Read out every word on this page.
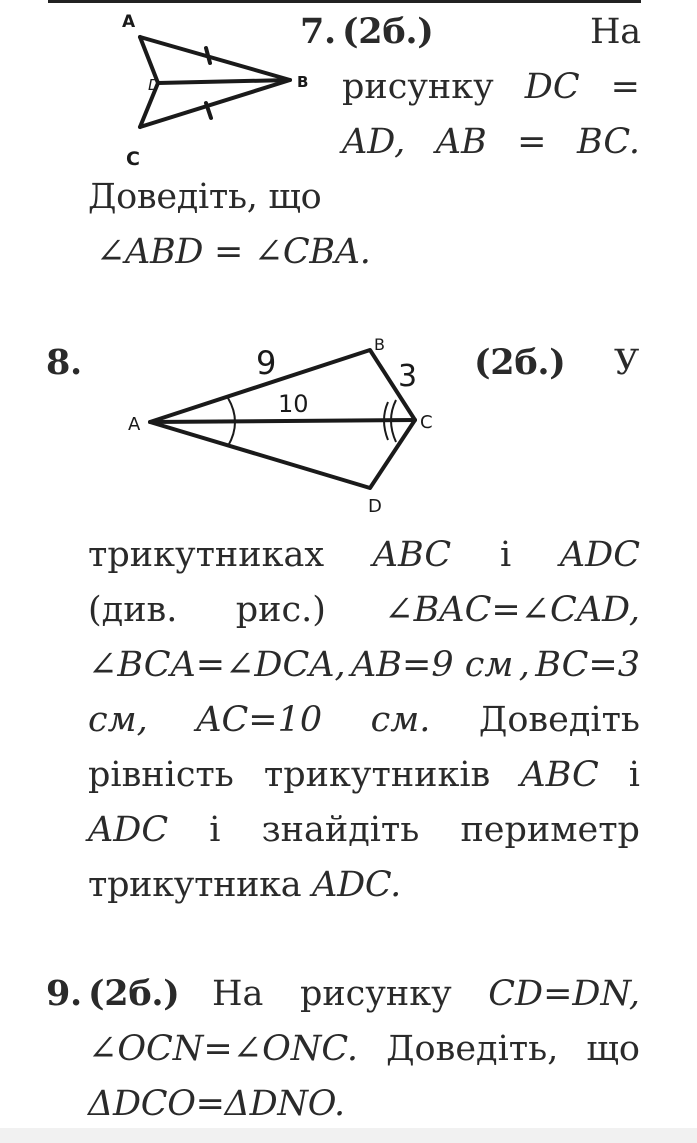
A
B
D
C
7. (2б.)	На
рисунку DC =
AD, AB = BC.
Доведіть, що
∠ABD = ∠CBA.
8.	(2б.) У
A
B
C
D
9	3
10
трикутниках ABC і ADC
(див. рис.) ∠BAC=∠CAD,
∠BCA=∠DCA, AB=9 см , BC=3
см, AC=10 см. Доведіть
рівність трикутників ABC і
ADC і знайдіть периметр
трикутника ADC.
9. (2б.) На рисунку CD=DN,
∠OCN=∠ONC. Доведіть, що
ΔDCO=ΔDNO.
